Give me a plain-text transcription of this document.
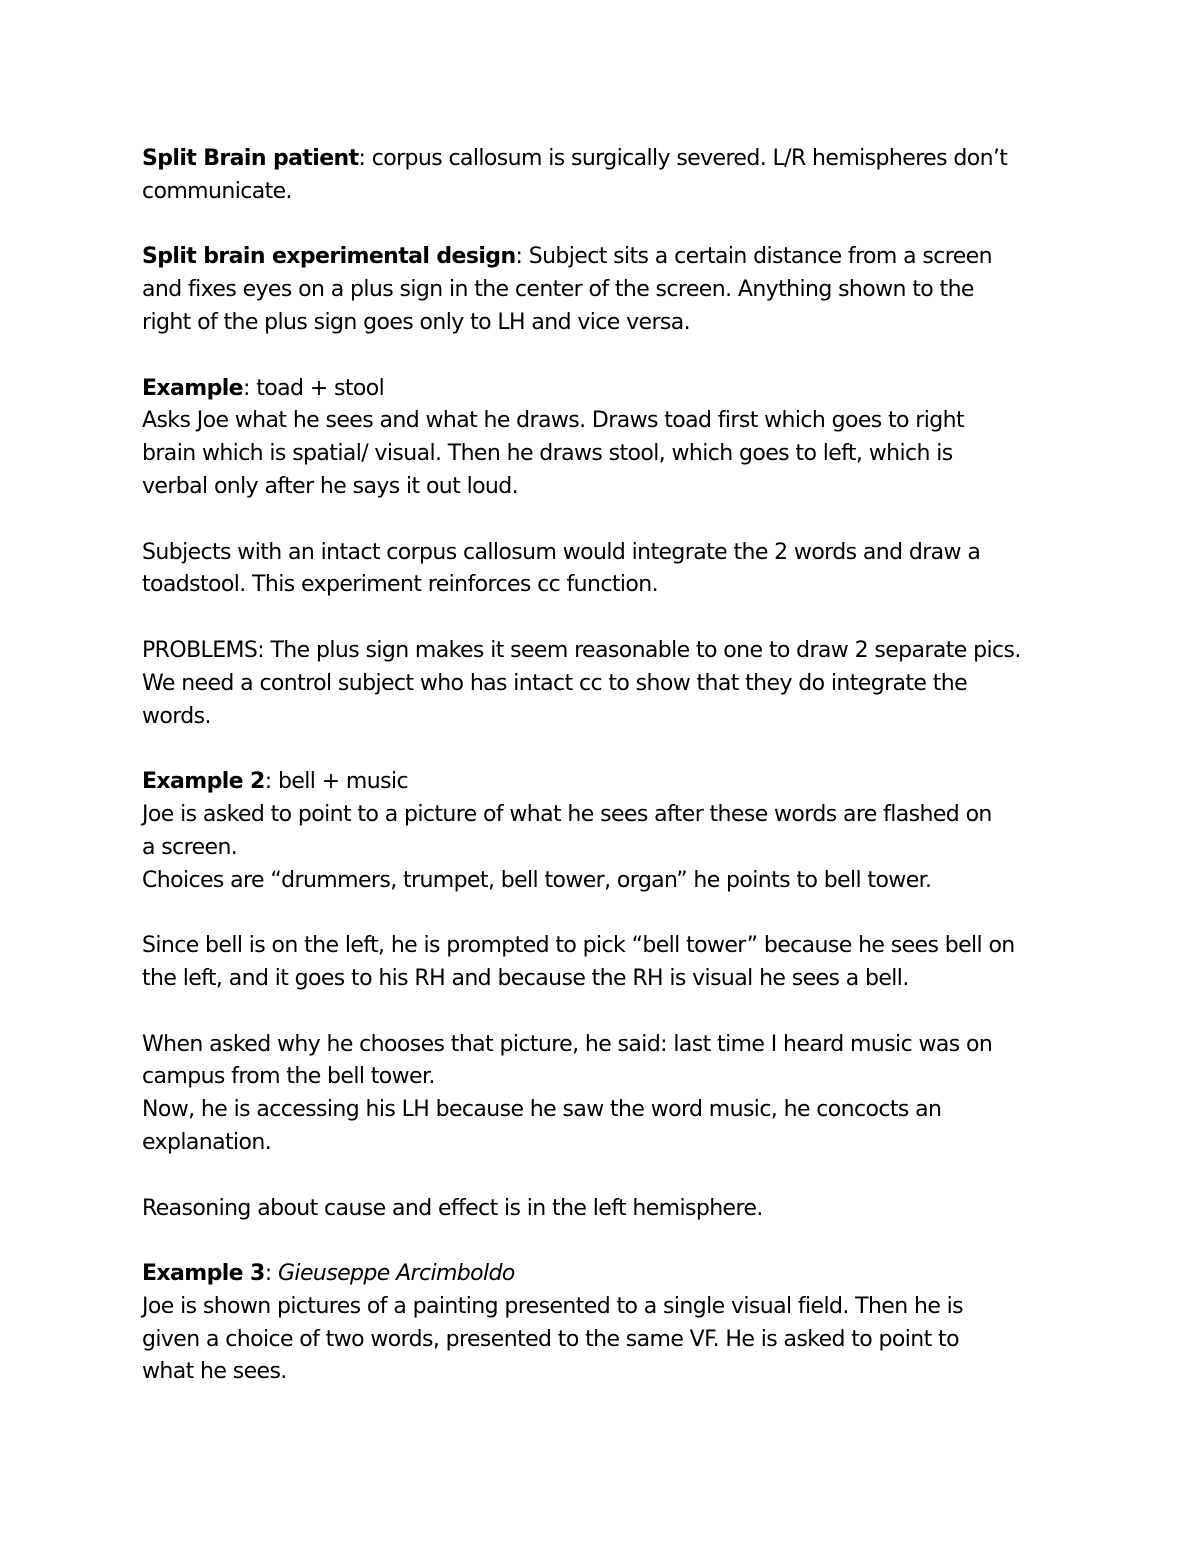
Split Brain patient: corpus callosum is surgically severed. L/R hemispheres don’t
communicate.
Split brain experimental design: Subject sits a certain distance from a screen
and fixes eyes on a plus sign in the center of the screen. Anything shown to the
right of the plus sign goes only to LH and vice versa.
Example: toad + stool
Asks Joe what he sees and what he draws. Draws toad first which goes to right
brain which is spatial/ visual. Then he draws stool, which goes to left, which is
verbal only after he says it out loud.
Subjects with an intact corpus callosum would integrate the 2 words and draw a
toadstool. This experiment reinforces cc function.
PROBLEMS: The plus sign makes it seem reasonable to one to draw 2 separate pics.
We need a control subject who has intact cc to show that they do integrate the
words.
Example 2: bell + music
Joe is asked to point to a picture of what he sees after these words are flashed on
a screen.
Choices are “drummers, trumpet, bell tower, organ” he points to bell tower.
Since bell is on the left, he is prompted to pick “bell tower” because he sees bell on
the left, and it goes to his RH and because the RH is visual he sees a bell.
When asked why he chooses that picture, he said: last time I heard music was on
campus from the bell tower.
Now, he is accessing his LH because he saw the word music, he concocts an
explanation.
Reasoning about cause and effect is in the left hemisphere.
Example 3: Gieuseppe Arcimboldo
Joe is shown pictures of a painting presented to a single visual field. Then he is
given a choice of two words, presented to the same VF. He is asked to point to
what he sees.
